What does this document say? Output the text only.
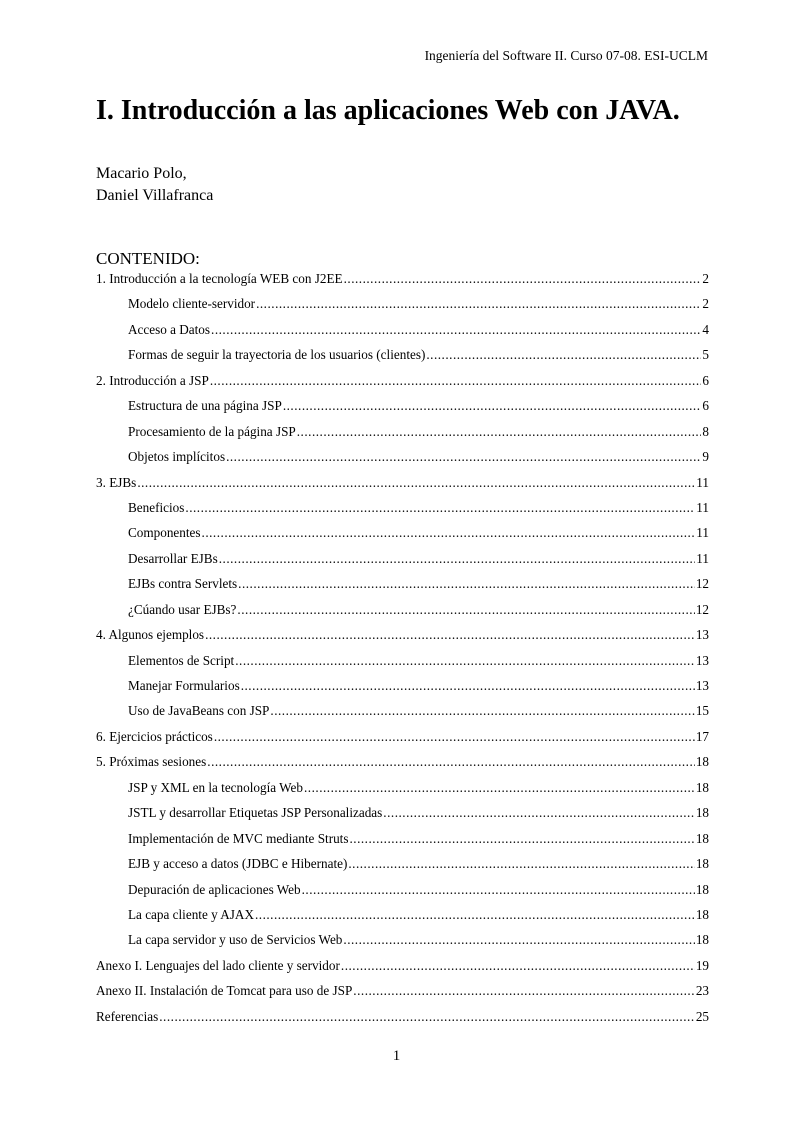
Ingeniería del Software II. Curso 07-08. ESI-UCLM
I. Introducción a las aplicaciones Web con JAVA.
Macario Polo,
Daniel Villafranca
CONTENIDO:
1. Introducción a la tecnología WEB con J2EE .....	2
Modelo cliente-servidor .....	2
Acceso a Datos .....	4
Formas de seguir la trayectoria de los usuarios (clientes) .....	5
2. Introducción a JSP .....	6
Estructura de una página JSP .....	6
Procesamiento de la página JSP .....	8
Objetos implícitos .....	9
3. EJBs .....	11
Beneficios .....	11
Componentes .....	11
Desarrollar EJBs .....	11
EJBs contra Servlets .....	12
¿Cúando usar EJBs? .....	12
4. Algunos ejemplos .....	13
Elementos de Script .....	13
Manejar Formularios .....	13
Uso de JavaBeans con JSP .....	15
6. Ejercicios prácticos .....	17
5. Próximas sesiones .....	18
JSP y XML en la tecnología Web .....	18
JSTL y desarrollar Etiquetas JSP Personalizadas .....	18
Implementación de MVC mediante Struts .....	18
EJB y acceso a datos (JDBC e Hibernate) .....	18
Depuración de aplicaciones Web .....	18
La capa cliente y AJAX .....	18
La capa servidor y uso de Servicios Web .....	18
Anexo I. Lenguajes del lado cliente y servidor .....	19
Anexo II. Instalación de Tomcat para uso de JSP .....	23
Referencias .....	25
1
